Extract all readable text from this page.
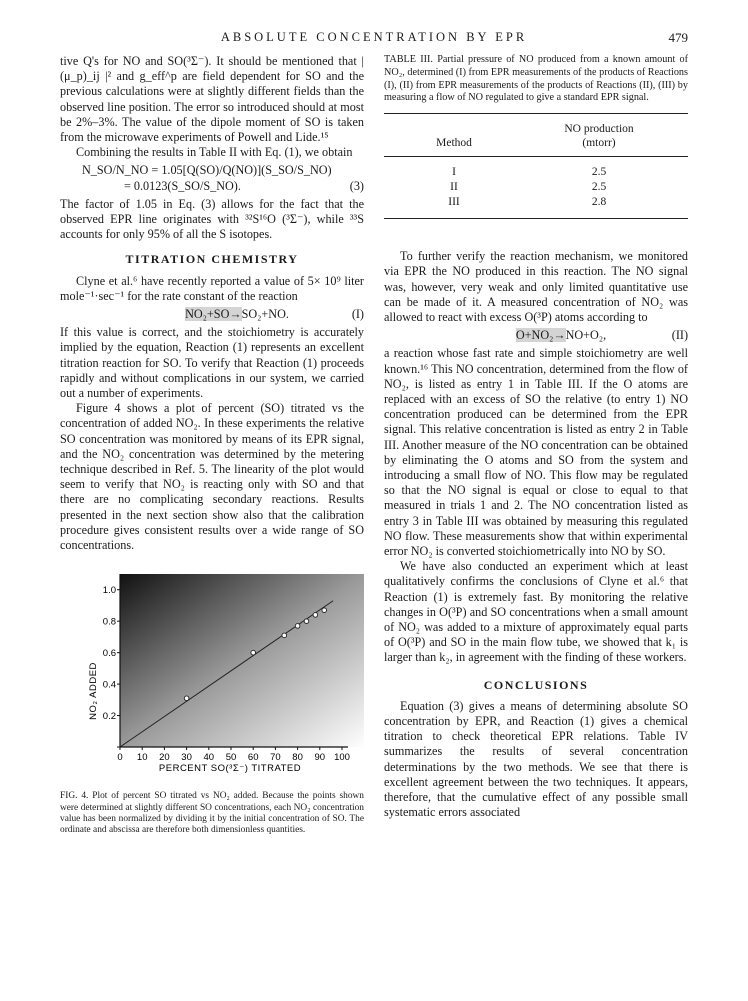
ABSOLUTE CONCENTRATION BY EPR	479

tive Q's for NO and SO(³Σ⁻). It should be mentioned that | (μ_p)_ij |² and g_eff^p are field dependent for SO and the previous calculations were at slightly different fields than the observed line position. The error so introduced should at most be 2%–3%. The value of the dipole moment of SO is taken from the microwave experiments of Powell and Lide.¹⁵

Combining the results in Table II with Eq. (1), we obtain

N_SO/N_NO = 1.05[Q(SO)/Q(NO)](S_SO/S_NO)
= 0.0123(S_SO/S_NO).	(3)

The factor of 1.05 in Eq. (3) allows for the fact that the observed EPR line originates with ³²S¹⁶O (³Σ⁻), while ³³S accounts for only 95% of all the S isotopes.

TITRATION CHEMISTRY

Clyne et al.⁶ have recently reported a value of 5× 10⁹ liter mole⁻¹·sec⁻¹ for the rate constant of the reaction

NO₂+SO→SO₂+NO.	(I)

If this value is correct, and the stoichiometry is accurately implied by the equation, Reaction (1) represents an excellent titration reaction for SO. To verify that Reaction (1) proceeds rapidly and without complications in our system, we carried out a number of experiments.

Figure 4 shows a plot of percent (SO) titrated vs the concentration of added NO₂. In these experiments the relative SO concentration was monitored by means of its EPR signal, and the NO₂ concentration was determined by the metering technique described in Ref. 5. The linearity of the plot would seem to verify that NO₂ is reacting only with SO and that there are no complicating secondary reactions. Results presented in the next section show also that the calibration procedure gives consistent results over a wide range of SO concentrations.

0 10 20 30 40 50 60 70 80 90 100
0.2
0.4
0.6
0.8
1.0
PERCENT SO(³Σ⁻) TITRATED
NO₂ ADDED

FIG. 4. Plot of percent SO titrated vs NO₂ added. Because the points shown were determined at slightly different SO concentrations, each NO₂ concentration value has been normalized by dividing it by the initial concentration of SO. The ordinate and abscissa are therefore both dimensionless quantities.

TABLE III. Partial pressure of NO produced from a known amount of NO₂, determined (I) from EPR measurements of the products of Reactions (I), (II) from EPR measurements of the products of Reactions (II), (III) by measuring a flow of NO regulated to give a standard EPR signal.

Method
NO production
(mtorr)
I	2.5
II	2.5
III	2.8

To further verify the reaction mechanism, we monitored via EPR the NO produced in this reaction. The NO signal was, however, very weak and only limited quantitative use can be made of it. A measured concentration of NO₂ was allowed to react with excess O(³P) atoms according to

O+NO₂→NO+O₂,	(II)

a reaction whose fast rate and simple stoichiometry are well known.¹⁶ This NO concentration, determined from the flow of NO₂, is listed as entry 1 in Table III. If the O atoms are replaced with an excess of SO the relative (to entry 1) NO concentration produced can be determined from the EPR signal. This relative concentration is listed as entry 2 in Table III. Another measure of the NO concentration can be obtained by eliminating the O atoms and SO from the system and introducing a small flow of NO. This flow may be regulated so that the NO signal is equal or close to equal to that measured in trials 1 and 2. The NO concentration listed as entry 3 in Table III was obtained by measuring this regulated NO flow. These measurements show that within experimental error NO₂ is converted stoichiometrically into NO by SO.

We have also conducted an experiment which at least qualitatively confirms the conclusions of Clyne et al.⁶ that Reaction (1) is extremely fast. By monitoring the relative changes in O(³P) and SO concentrations when a small amount of NO₂ was added to a mixture of approximately equal parts of O(³P) and SO in the main flow tube, we showed that k₁ is larger than k₂, in agreement with the finding of these workers.

CONCLUSIONS

Equation (3) gives a means of determining absolute SO concentration by EPR, and Reaction (1) gives a chemical titration to check theoretical EPR relations. Table IV summarizes the results of several concentration determinations by the two methods. We see that there is excellent agreement between the two techniques. It appears, therefore, that the cumulative effect of any possible small systematic errors associated
